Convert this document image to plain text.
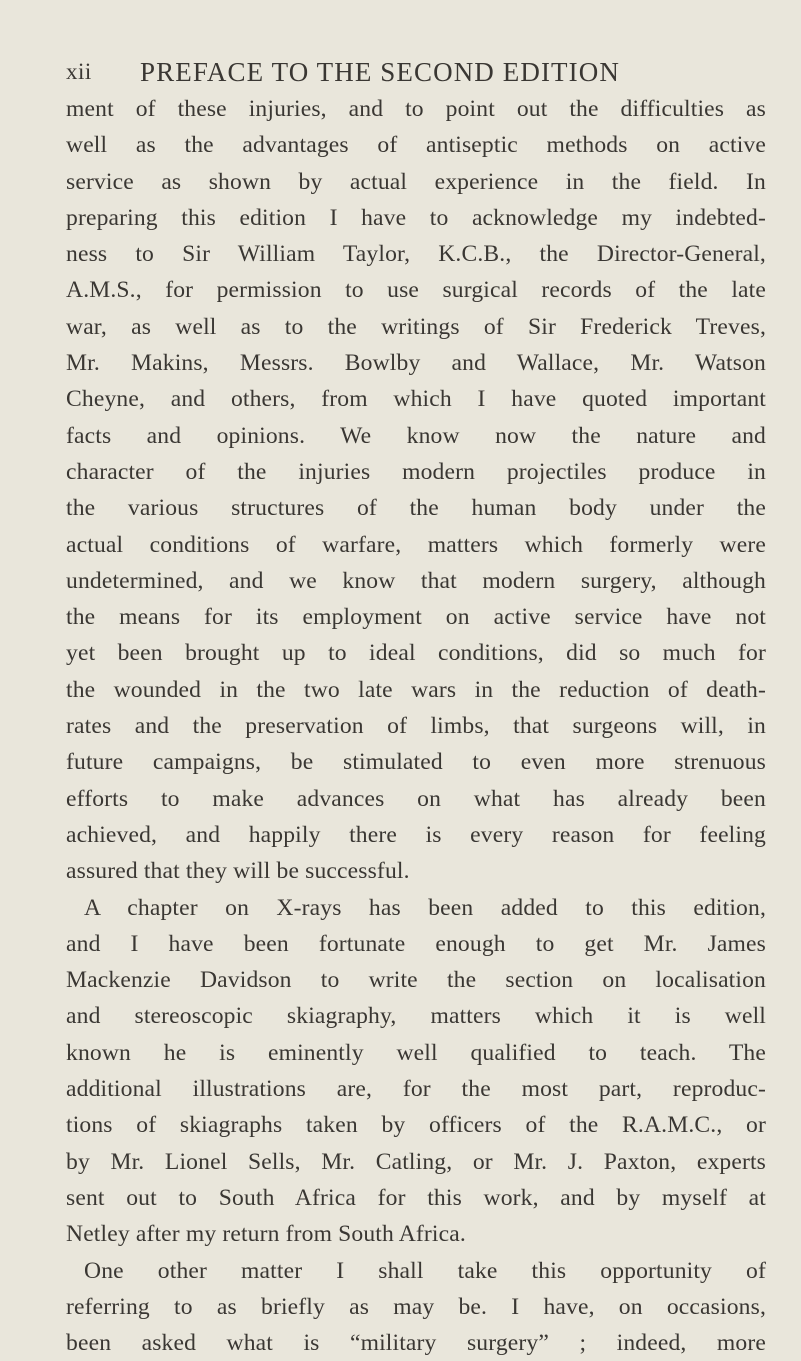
xii PREFACE TO THE SECOND EDITION
ment of these injuries, and to point out the difficulties as
well as the advantages of antiseptic methods on active
service as shown by actual experience in the field. In
preparing this edition I have to acknowledge my indebted-
ness to Sir William Taylor, K.C.B., the Director-General,
A.M.S., for permission to use surgical records of the late
war, as well as to the writings of Sir Frederick Treves,
Mr. Makins, Messrs. Bowlby and Wallace, Mr. Watson
Cheyne, and others, from which I have quoted important
facts and opinions. We know now the nature and
character of the injuries modern projectiles produce in
the various structures of the human body under the
actual conditions of warfare, matters which formerly were
undetermined, and we know that modern surgery, although
the means for its employment on active service have not
yet been brought up to ideal conditions, did so much for
the wounded in the two late wars in the reduction of death-
rates and the preservation of limbs, that surgeons will, in
future campaigns, be stimulated to even more strenuous
efforts to make advances on what has already been
achieved, and happily there is every reason for feeling
assured that they will be successful.
A chapter on X-rays has been added to this edition,
and I have been fortunate enough to get Mr. James
Mackenzie Davidson to write the section on localisation
and stereoscopic skiagraphy, matters which it is well
known he is eminently well qualified to teach. The
additional illustrations are, for the most part, reproduc-
tions of skiagraphs taken by officers of the R.A.M.C., or
by Mr. Lionel Sells, Mr. Catling, or Mr. J. Paxton, experts
sent out to South Africa for this work, and by myself at
Netley after my return from South Africa.
One other matter I shall take this opportunity of
referring to as briefly as may be. I have, on occasions,
been asked what is “military surgery” ; indeed, more
